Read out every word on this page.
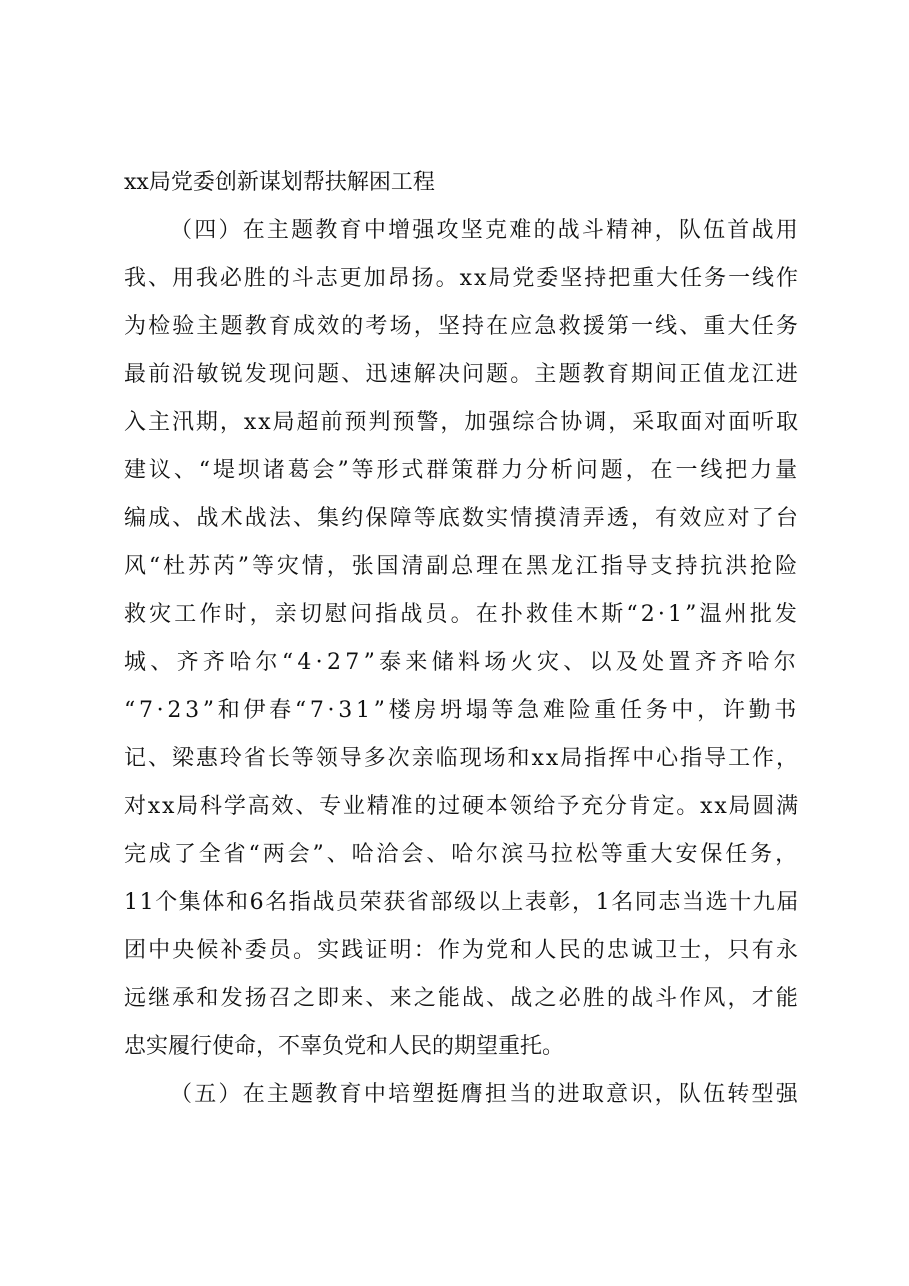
xx局党委创新谋划帮扶解困工程
（四）在主题教育中增强攻坚克难的战斗精神，队伍首战用
我、用我必胜的斗志更加昂扬。xx局党委坚持把重大任务一线作
为检验主题教育成效的考场，坚持在应急救援第一线、重大任务
最前沿敏锐发现问题、迅速解决问题。主题教育期间正值龙江进
入主汛期，xx局超前预判预警，加强综合协调，采取面对面听取
建议、“堤坝诸葛会”等形式群策群力分析问题，在一线把力量
编成、战术战法、集约保障等底数实情摸清弄透，有效应对了台
风“杜苏芮”等灾情，张国清副总理在黑龙江指导支持抗洪抢险
救灾工作时，亲切慰问指战员。在扑救佳木斯“2·1”温州批发
城、齐齐哈尔“4·27”泰来储料场火灾、以及处置齐齐哈尔
“7·23”和伊春“7·31”楼房坍塌等急难险重任务中，许勤书
记、梁惠玲省长等领导多次亲临现场和xx局指挥中心指导工作，
对xx局科学高效、专业精准的过硬本领给予充分肯定。xx局圆满
完成了全省“两会”、哈洽会、哈尔滨马拉松等重大安保任务，
11个集体和6名指战员荣获省部级以上表彰，1名同志当选十九届
团中央候补委员。实践证明：作为党和人民的忠诚卫士，只有永
远继承和发扬召之即来、来之能战、战之必胜的战斗作风，才能
忠实履行使命，不辜负党和人民的期望重托。
（五）在主题教育中培塑挺膺担当的进取意识，队伍转型强
